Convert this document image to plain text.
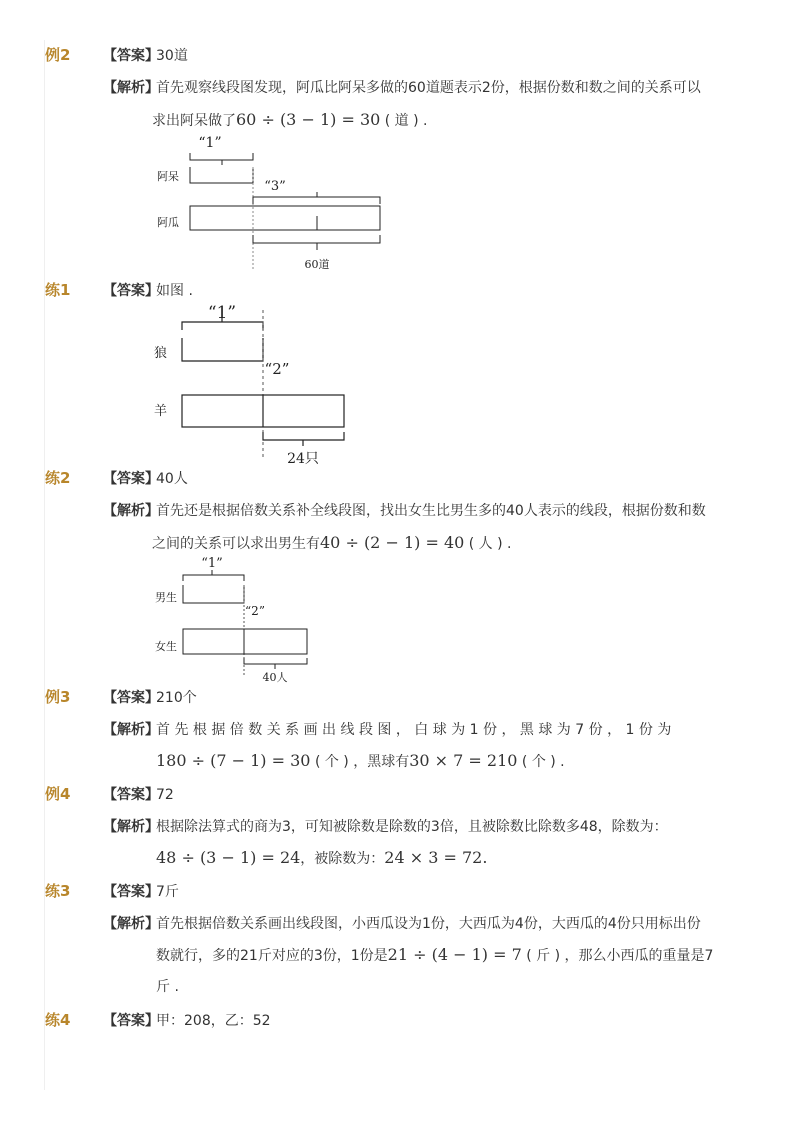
例2 【答案】
30道
【解析】
首先观察线段图发现，阿瓜比阿呆多做的60道题表示2份，根据份数和数之间的关系可以
求出阿呆做了60 ÷ (3 − 1) = 30 ( 道 ) .
“1”
阿呆
“3”
阿瓜
60道
练1 【答案】
如图 .
“1”
狼
“2”
羊
24只
练2 【答案】
40人
【解析】
首先还是根据倍数关系补全线段图，找出女生比男生多的40人表示的线段，根据份数和数
之间的关系可以求出男生有40 ÷ (2 − 1) = 40 ( 人 ) .
“1”
男生
“2”
女生
40人
例3 【答案】
210个
【解析】
首 先 根 据 倍 数 关 系 画 出 线 段 图 ， 白 球 为 1 份 ， 黑 球 为 7 份 ， 1 份 为
180 ÷ (7 − 1) = 30 ( 个 ) ，黑球有30 × 7 = 210 ( 个 ) .
例4 【答案】
72
【解析】
根据除法算式的商为3，可知被除数是除数的3倍，且被除数比除数多48，除数为：
48 ÷ (3 − 1) = 24，被除数为：24 × 3 = 72.
练3 【答案】
7斤
【解析】
首先根据倍数关系画出线段图，小西瓜设为1份，大西瓜为4份，大西瓜的4份只用标出份
数就行，多的21斤对应的3份，1份是21 ÷ (4 − 1) = 7 ( 斤 ) ，那么小西瓜的重量是7
斤 .
练4 【答案】
甲：208，乙：52
